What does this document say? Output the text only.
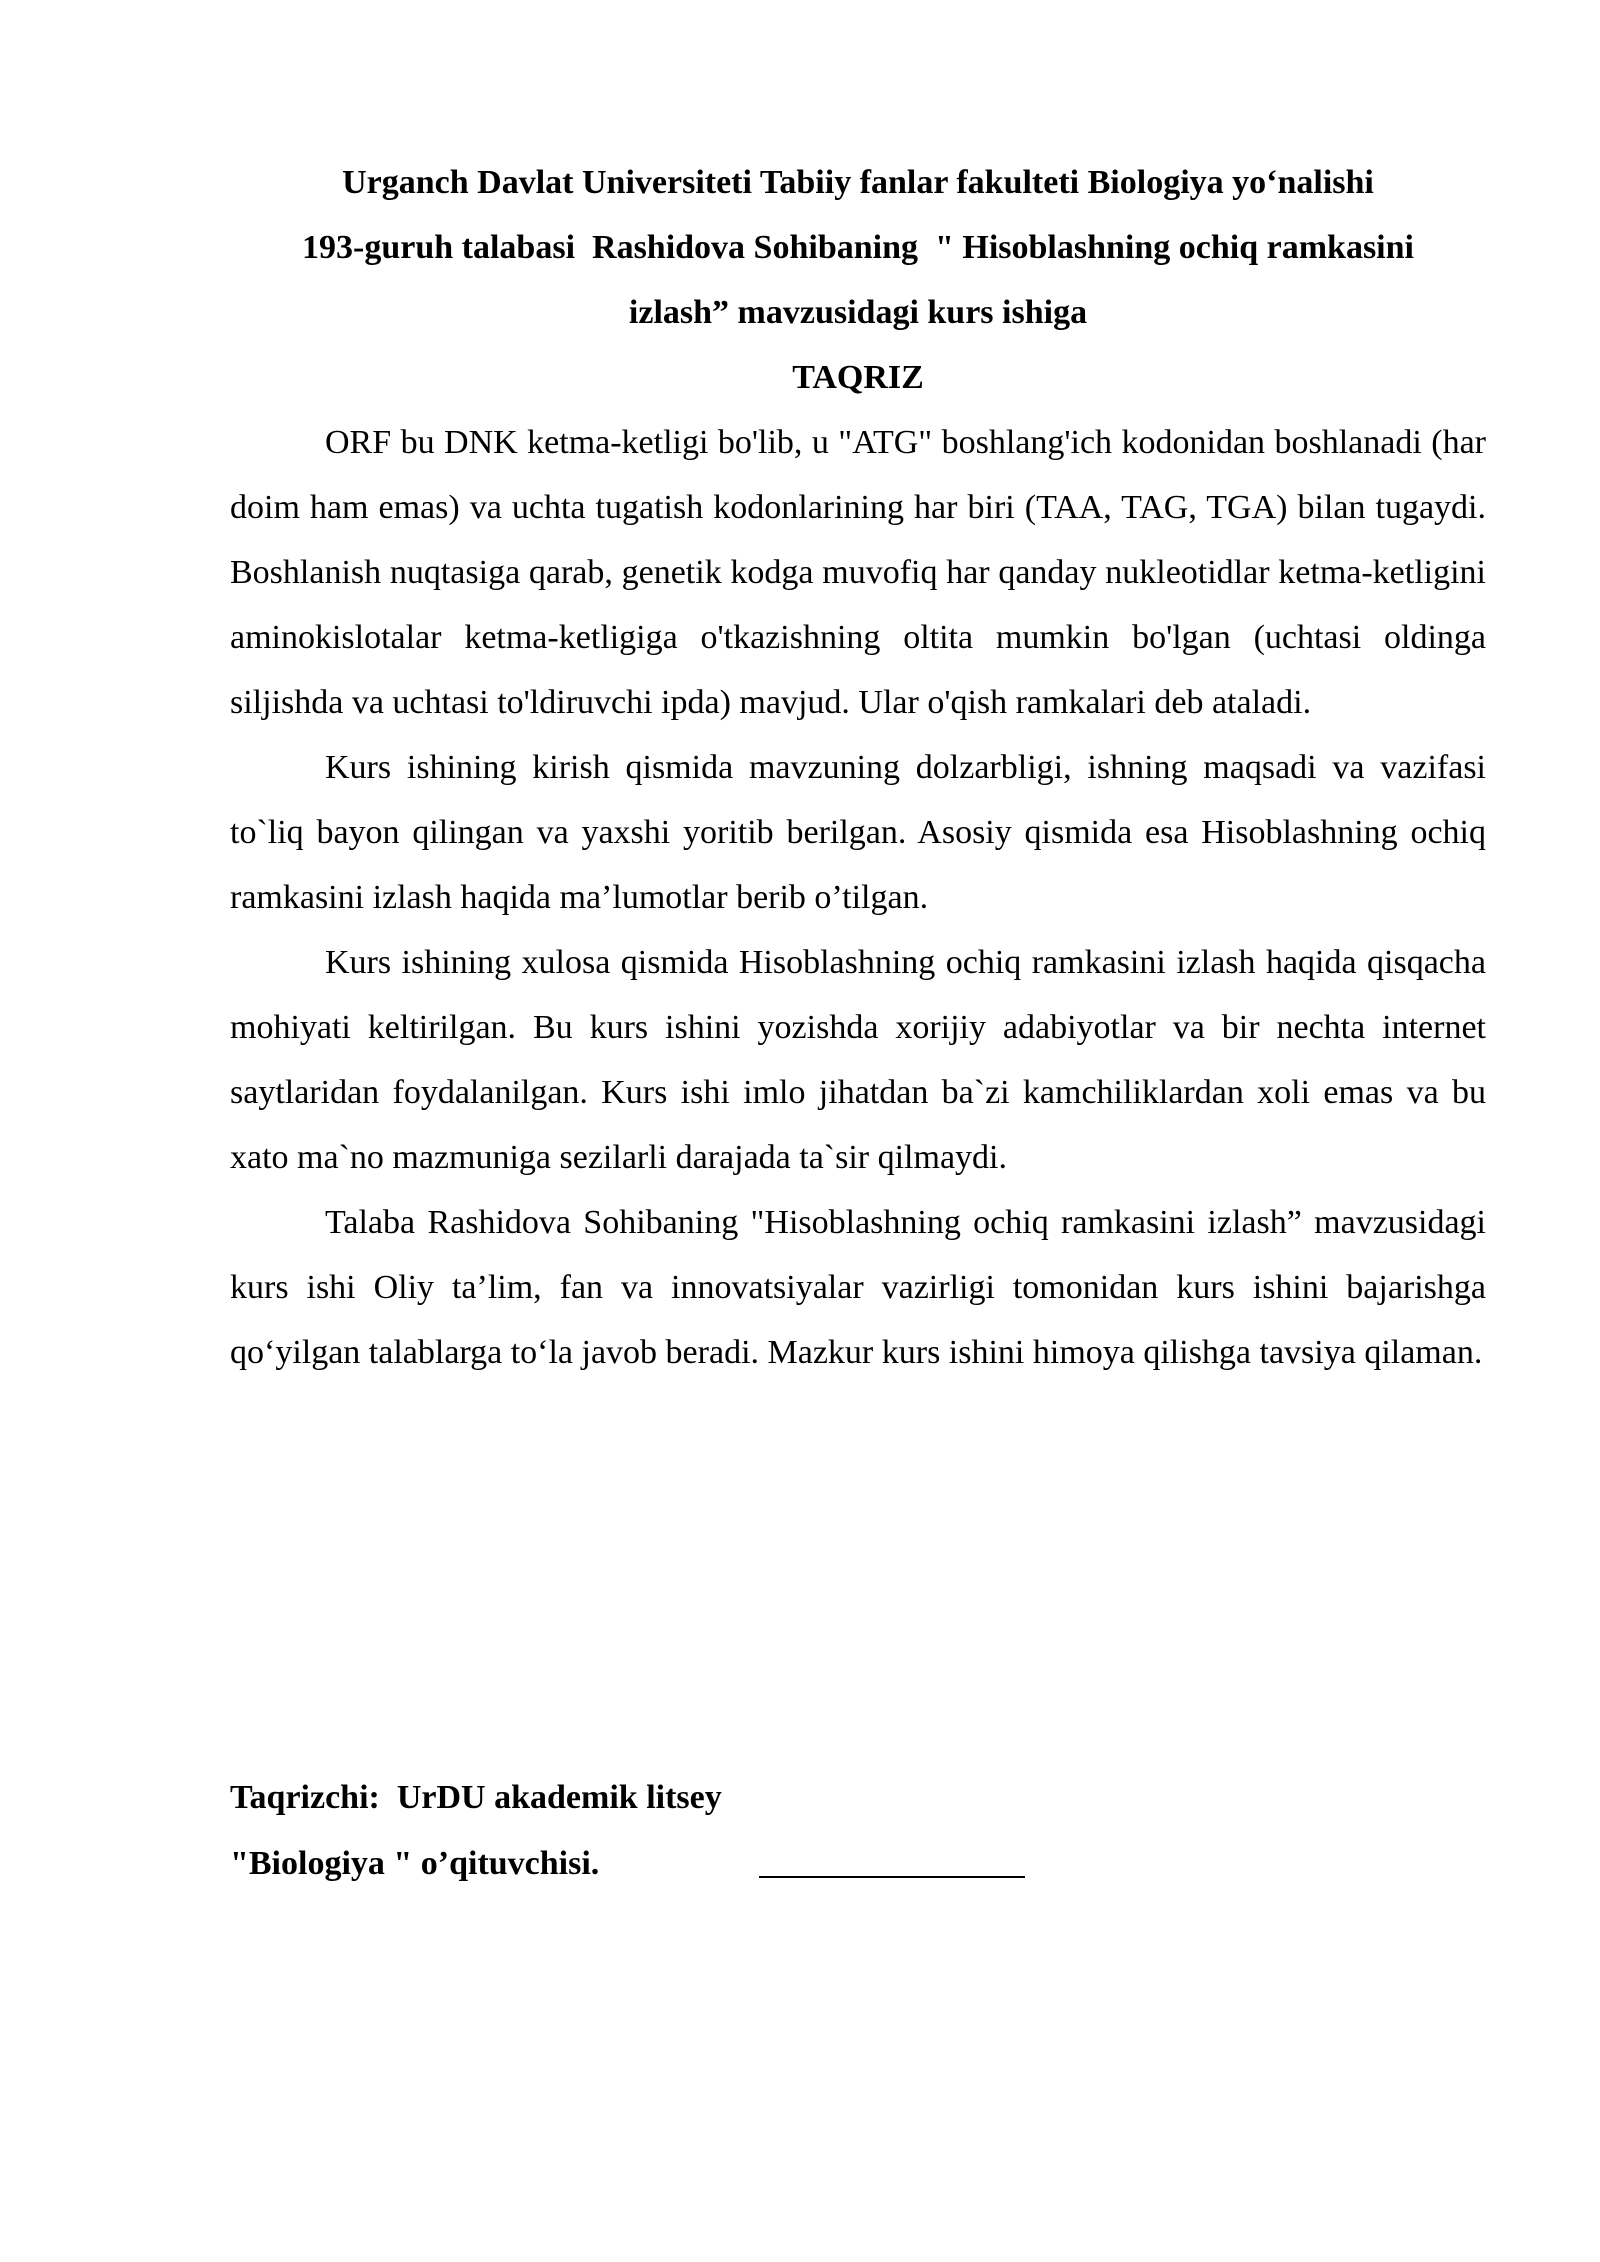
Urganch Davlat Universiteti Tabiiy fanlar fakulteti Biologiya yo‘nalishi
193-guruh talabasi  Rashidova Sohibaning  " Hisoblashning ochiq ramkasini
izlash” mavzusidagi kurs ishiga

TAQRIZ

ORF bu DNK ketma-ketligi bo'lib, u "ATG" boshlang'ich kodonidan boshlanadi (har doim ham emas) va uchta tugatish kodonlarining har biri (TAA, TAG, TGA) bilan tugaydi. Boshlanish nuqtasiga qarab, genetik kodga muvofiq har qanday nukleotidlar ketma-ketligini aminokislotalar ketma-ketligiga o'tkazishning oltita mumkin bo'lgan (uchtasi oldinga siljishda va uchtasi to'ldiruvchi ipda) mavjud. Ular o'qish ramkalari deb ataladi.

Kurs ishining kirish qismida mavzuning dolzarbligi, ishning maqsadi va vazifasi to`liq bayon qilingan va yaxshi yoritib berilgan. Asosiy qismida esa Hisoblashning ochiq ramkasini izlash haqida ma’lumotlar berib o’tilgan.

Kurs ishining xulosa qismida Hisoblashning ochiq ramkasini izlash haqida qisqacha mohiyati keltirilgan. Bu kurs ishini yozishda xorijiy adabiyotlar va bir nechta internet saytlaridan foydalanilgan. Kurs ishi imlo jihatdan ba`zi kamchiliklardan xoli emas va bu xato ma`no mazmuniga sezilarli darajada ta`sir qilmaydi.

Talaba Rashidova Sohibaning "Hisoblashning ochiq ramkasini izlash” mavzusidagi kurs ishi Oliy ta’lim, fan va innovatsiyalar vazirligi tomonidan kurs ishini bajarishga qo‘yilgan talablarga to‘la javob beradi. Mazkur kurs ishini himoya qilishga tavsiya qilaman.

Taqrizchi:  UrDU akademik litsey
"Biologiya " o’qituvchisi.
